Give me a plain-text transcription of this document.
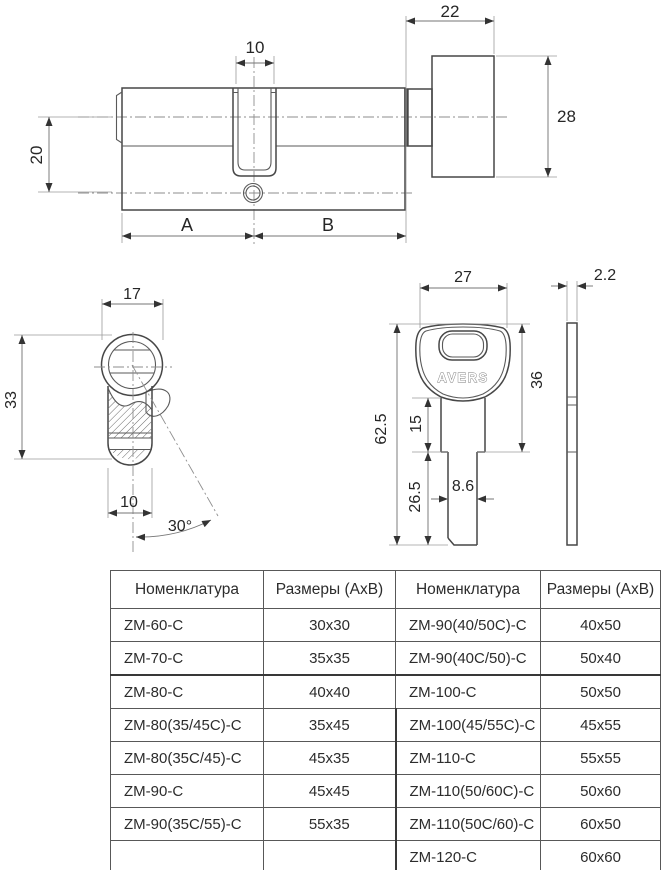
22
10
28
20
A	B
17
33
10
30°
AVERS
27	2.2
62.5
36
15
26.5 8.6
Номенклатура	Размеры (АхВ)	Номенклатура	Размеры (АхВ)
ZM-60-C	30x30	ZM-90(40/50C)-C	40x50
ZM-70-C	35x35	ZM-90(40C/50)-C	50x40
ZM-80-C	40x40	ZM-100-C	50x50
ZM-80(35/45C)-C	35x45	ZM-100(45/55C)-C	45x55
ZM-80(35C/45)-C	45x35	ZM-110-C	55x55
ZM-90-C	45x45	ZM-110(50/60C)-C	50x60
ZM-90(35C/55)-C	55x35	ZM-110(50C/60)-C	60x50
		ZM-120-C	60x60
